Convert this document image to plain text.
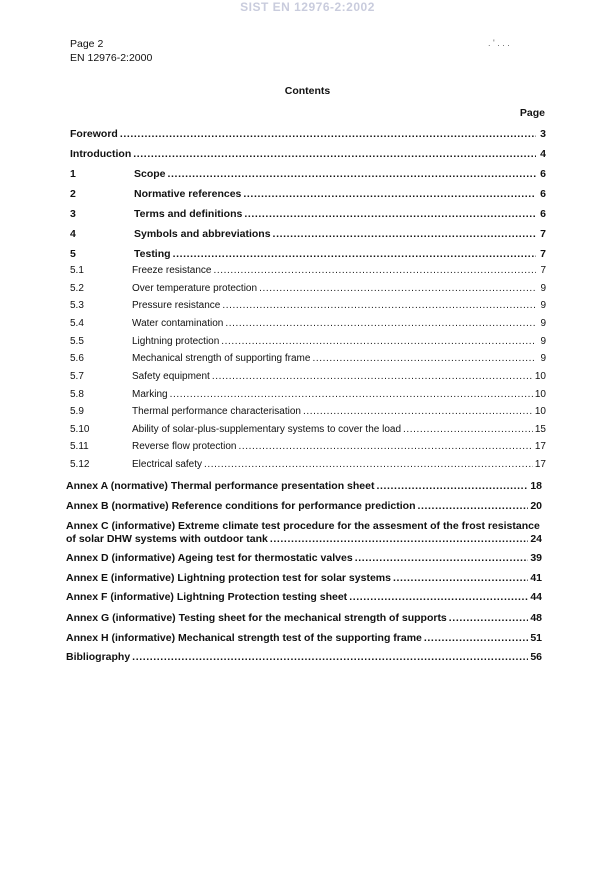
SIST EN 12976-2:2002
. ' . . .
Page 2
EN 12976-2:2000
Contents
Page
Foreword .....	3
Introduction .....	4
1	Scope .....	6
2	Normative references .....	6
3	Terms and definitions .....	6
4	Symbols and abbreviations .....	7
5	Testing .....	7
5.1	Freeze resistance .....	7
5.2	Over temperature protection .....	9
5.3	Pressure resistance .....	9
5.4	Water contamination .....	9
5.5	Lightning protection .....	9
5.6	Mechanical strength of supporting frame .....	9
5.7	Safety equipment .....	10
5.8	Marking .....	10
5.9	Thermal performance characterisation .....	10
5.10	Ability of solar-plus-supplementary systems to cover the load .....	15
5.11	Reverse flow protection .....	17
5.12	Electrical safety .....	17
Annex A (normative) Thermal performance presentation sheet .....	18
Annex B (normative) Reference conditions for performance prediction .....	20
Annex C (informative) Extreme climate test procedure for the assesment of the frost resistance
of solar DHW systems with outdoor tank .....	24
Annex D (informative) Ageing test for thermostatic valves .....	39
Annex E (informative) Lightning protection test for solar systems .....	41
Annex F (informative) Lightning Protection testing sheet .....	44
Annex G (informative) Testing sheet for the mechanical strength of supports .....	48
Annex H (informative) Mechanical strength test of the supporting frame .....	51
Bibliography .....	56
